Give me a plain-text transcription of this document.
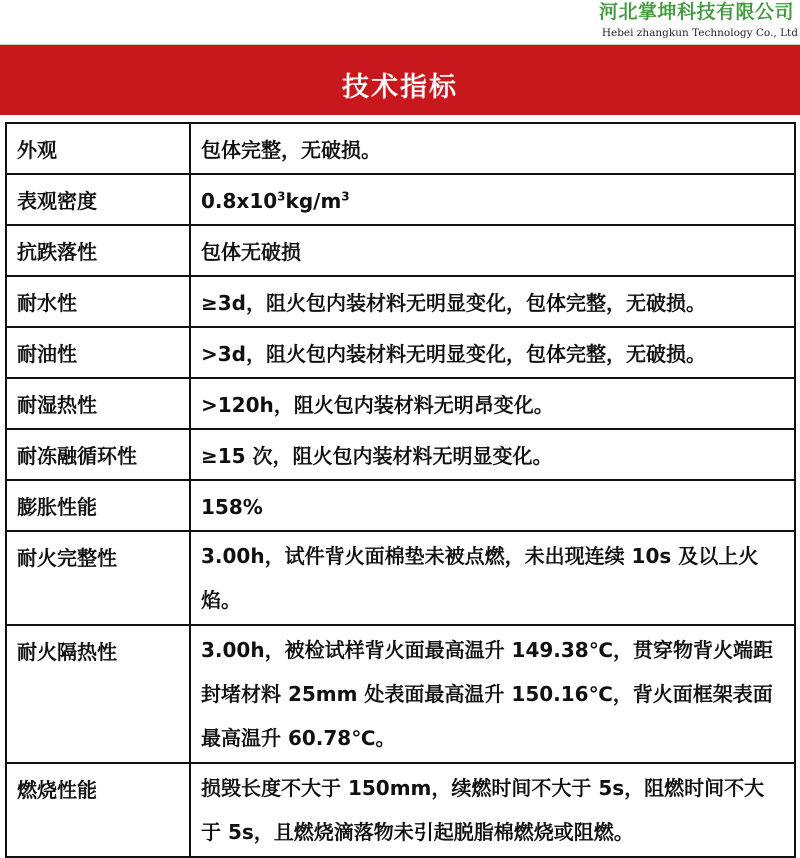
河北掌坤科技有限公司
Hebei zhangkun Technology Co., Ltd
技术指标
外观	包体完整，无破损。
表观密度	$0.8x10^3kg/m^3$
抗跌落性	包体无破损
耐水性	≥3d，阻火包内装材料无明显变化，包体完整，无破损。
耐油性	>3d，阻火包内装材料无明显变化，包体完整，无破损。
耐湿热性	>120h，阻火包内装材料无明昂变化。
耐冻融循环性	≥15 次，阻火包内装材料无明显变化。
膨胀性能	158%
耐火完整性	3.00h，试件背火面棉垫未被点燃，未出现连续 10s 及以上火焰。
耐火隔热性	3.00h，被检试样背火面最高温升 149.38℃，贯穿物背火端距封堵材料 25mm 处表面最高温升 150.16℃，背火面框架表面最高温升 60.78℃。
燃烧性能	损毁长度不大于 150mm，续燃时间不大于 5s，阻燃时间不大于 5s，且燃烧滴落物未引起脱脂棉燃烧或阻燃。
